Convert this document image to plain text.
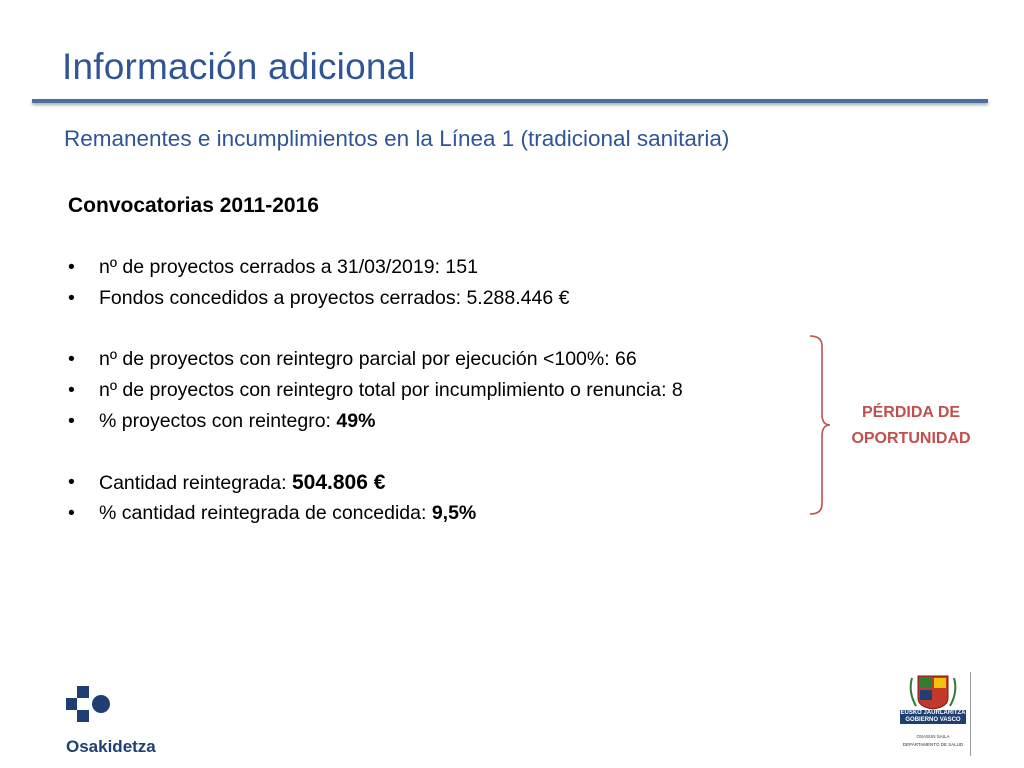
Información adicional
Remanentes e incumplimientos en la Línea 1 (tradicional sanitaria)
Convocatorias 2011-2016
• nº de proyectos cerrados a 31/03/2019: 151
• Fondos concedidos a proyectos cerrados: 5.288.446 €
• nº de proyectos con reintegro parcial por ejecución <100%: 66
• nº de proyectos con reintegro total por incumplimiento o renuncia: 8
• % proyectos con reintegro: 49%
• Cantidad reintegrada: 504.806 €
• % cantidad reintegrada de concedida: 9,5%
PÉRDIDA DE
OPORTUNIDAD
Osakidetza
EUSKO JAURLARITZA
GOBIERNO VASCO
OSASUN SAILA
DEPARTAMENTO DE SALUD
